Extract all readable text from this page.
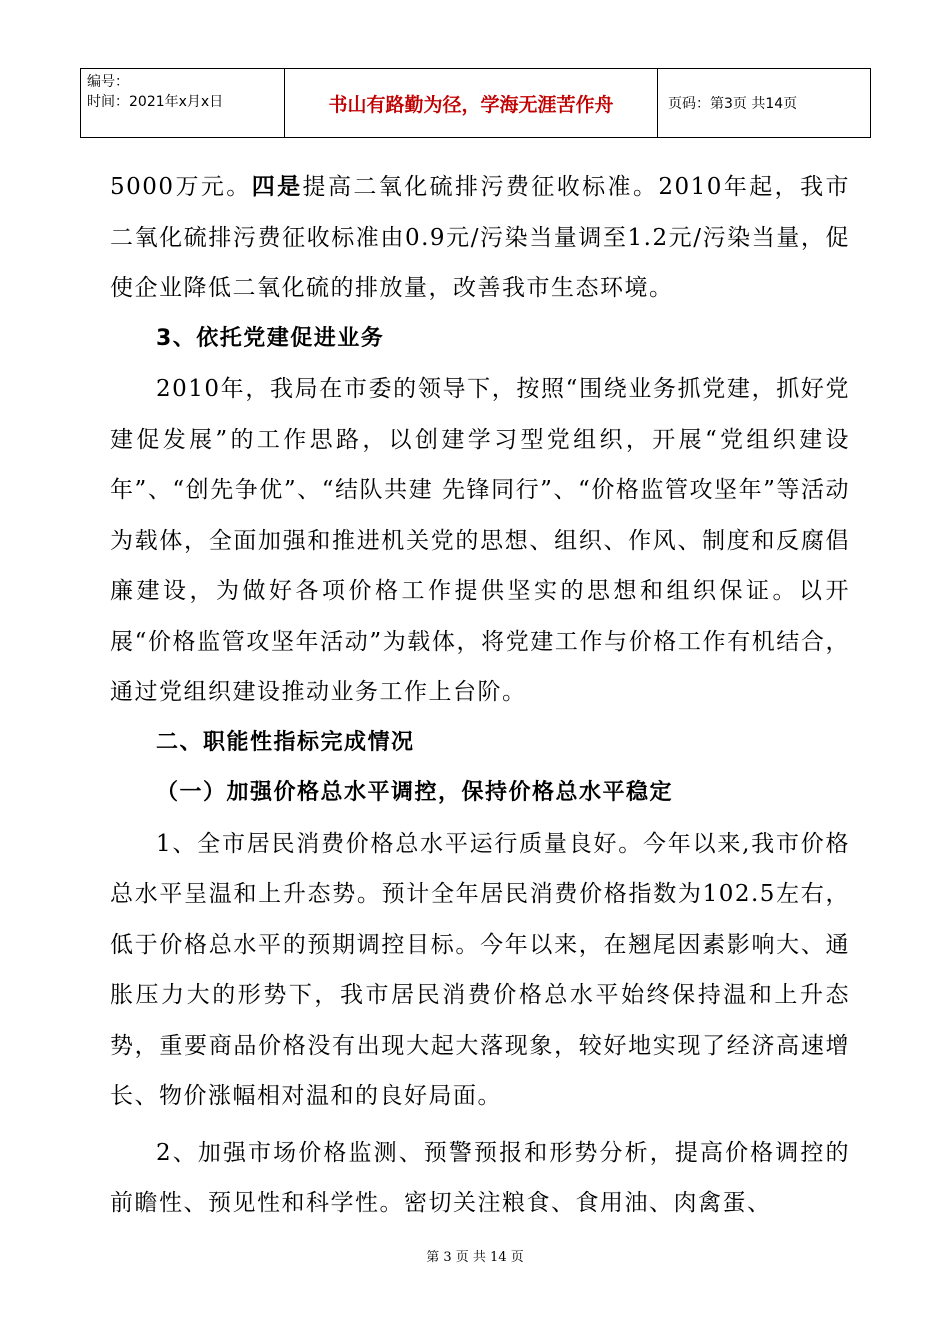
编号：
时间：2021年x月x日	书山有路勤为径，学海无涯苦作舟	页码：第3页 共14页

5000万元。四是提高二氧化硫排污费征收标准。2010年起，我市二氧化硫排污费征收标准由0.9元/污染当量调至1.2元/污染当量，促使企业降低二氧化硫的排放量，改善我市生态环境。

3、依托党建促进业务

2010年，我局在市委的领导下，按照“围绕业务抓党建，抓好党建促发展”的工作思路，以创建学习型党组织，开展“党组织建设年”、“创先争优”、“结队共建 先锋同行”、“价格监管攻坚年”等活动为载体，全面加强和推进机关党的思想、组织、作风、制度和反腐倡廉建设，为做好各项价格工作提供坚实的思想和组织保证。以开展“价格监管攻坚年活动”为载体，将党建工作与价格工作有机结合，通过党组织建设推动业务工作上台阶。

二、职能性指标完成情况

（一）加强价格总水平调控，保持价格总水平稳定

1、全市居民消费价格总水平运行质量良好。今年以来,我市价格总水平呈温和上升态势。预计全年居民消费价格指数为102.5左右，低于价格总水平的预期调控目标。今年以来，在翘尾因素影响大、通胀压力大的形势下，我市居民消费价格总水平始终保持温和上升态势，重要商品价格没有出现大起大落现象，较好地实现了经济高速增长、物价涨幅相对温和的良好局面。

2、加强市场价格监测、预警预报和形势分析，提高价格调控的前瞻性、预见性和科学性。密切关注粮食、食用油、肉禽蛋、

第 3 页 共 14 页
